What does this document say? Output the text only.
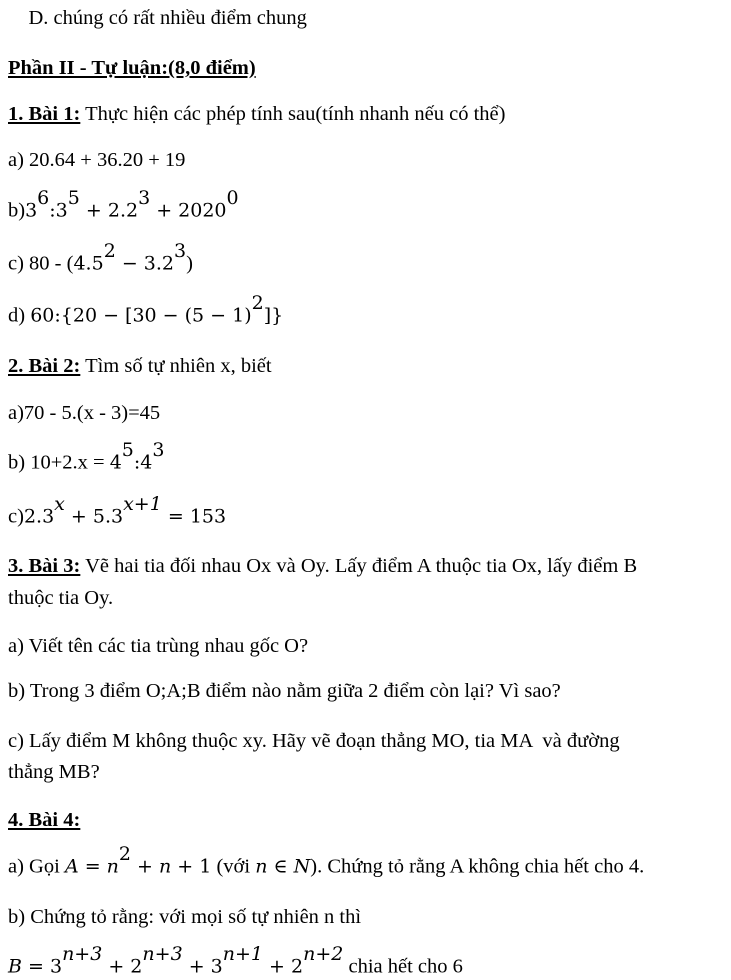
D. chúng có rất nhiều điểm chung
Phần II - Tự luận:(8,0 điểm)
1. Bài 1: Thực hiện các phép tính sau(tính nhanh nếu có thể)
a) 20.64 + 36.20 + 19
$b)3^6:3^5 + 2.2^3 + 2020^0$
c) $80 - (4.5^2 - 3.2^3)$
d) 60:{20 − $[30 - (5 - 1)^2]$}
2. Bài 2: Tìm số tự nhiên x, biết
a)70 - 5.(x - 3)=45
b) $10+2.x = 4^5:4^3$
$c)2.3^x + 5.3^{x+1} = 153$
3. Bài 3: Vẽ hai tia đối nhau Ox và Oy. Lấy điểm A thuộc tia Ox, lấy điểm B
thuộc tia Oy.
a) Viết tên các tia trùng nhau gốc O?
b) Trong 3 điểm O;A;B điểm nào nằm giữa 2 điểm còn lại? Vì sao?
c) Lấy điểm M không thuộc xy. Hãy vẽ đoạn thẳng MO, tia MA  và đường
thẳng MB?
4. Bài 4:
a) Gọi $A = n^2 + n + 1$ (với n ∈ N). Chứng tỏ rằng A không chia hết cho 4.
b) Chứng tỏ rằng: với mọi số tự nhiên n thì
$B = 3^{n+3} + 2^{n+3} + 3^{n+1} + 2^{n+2}$ chia hết cho 6
